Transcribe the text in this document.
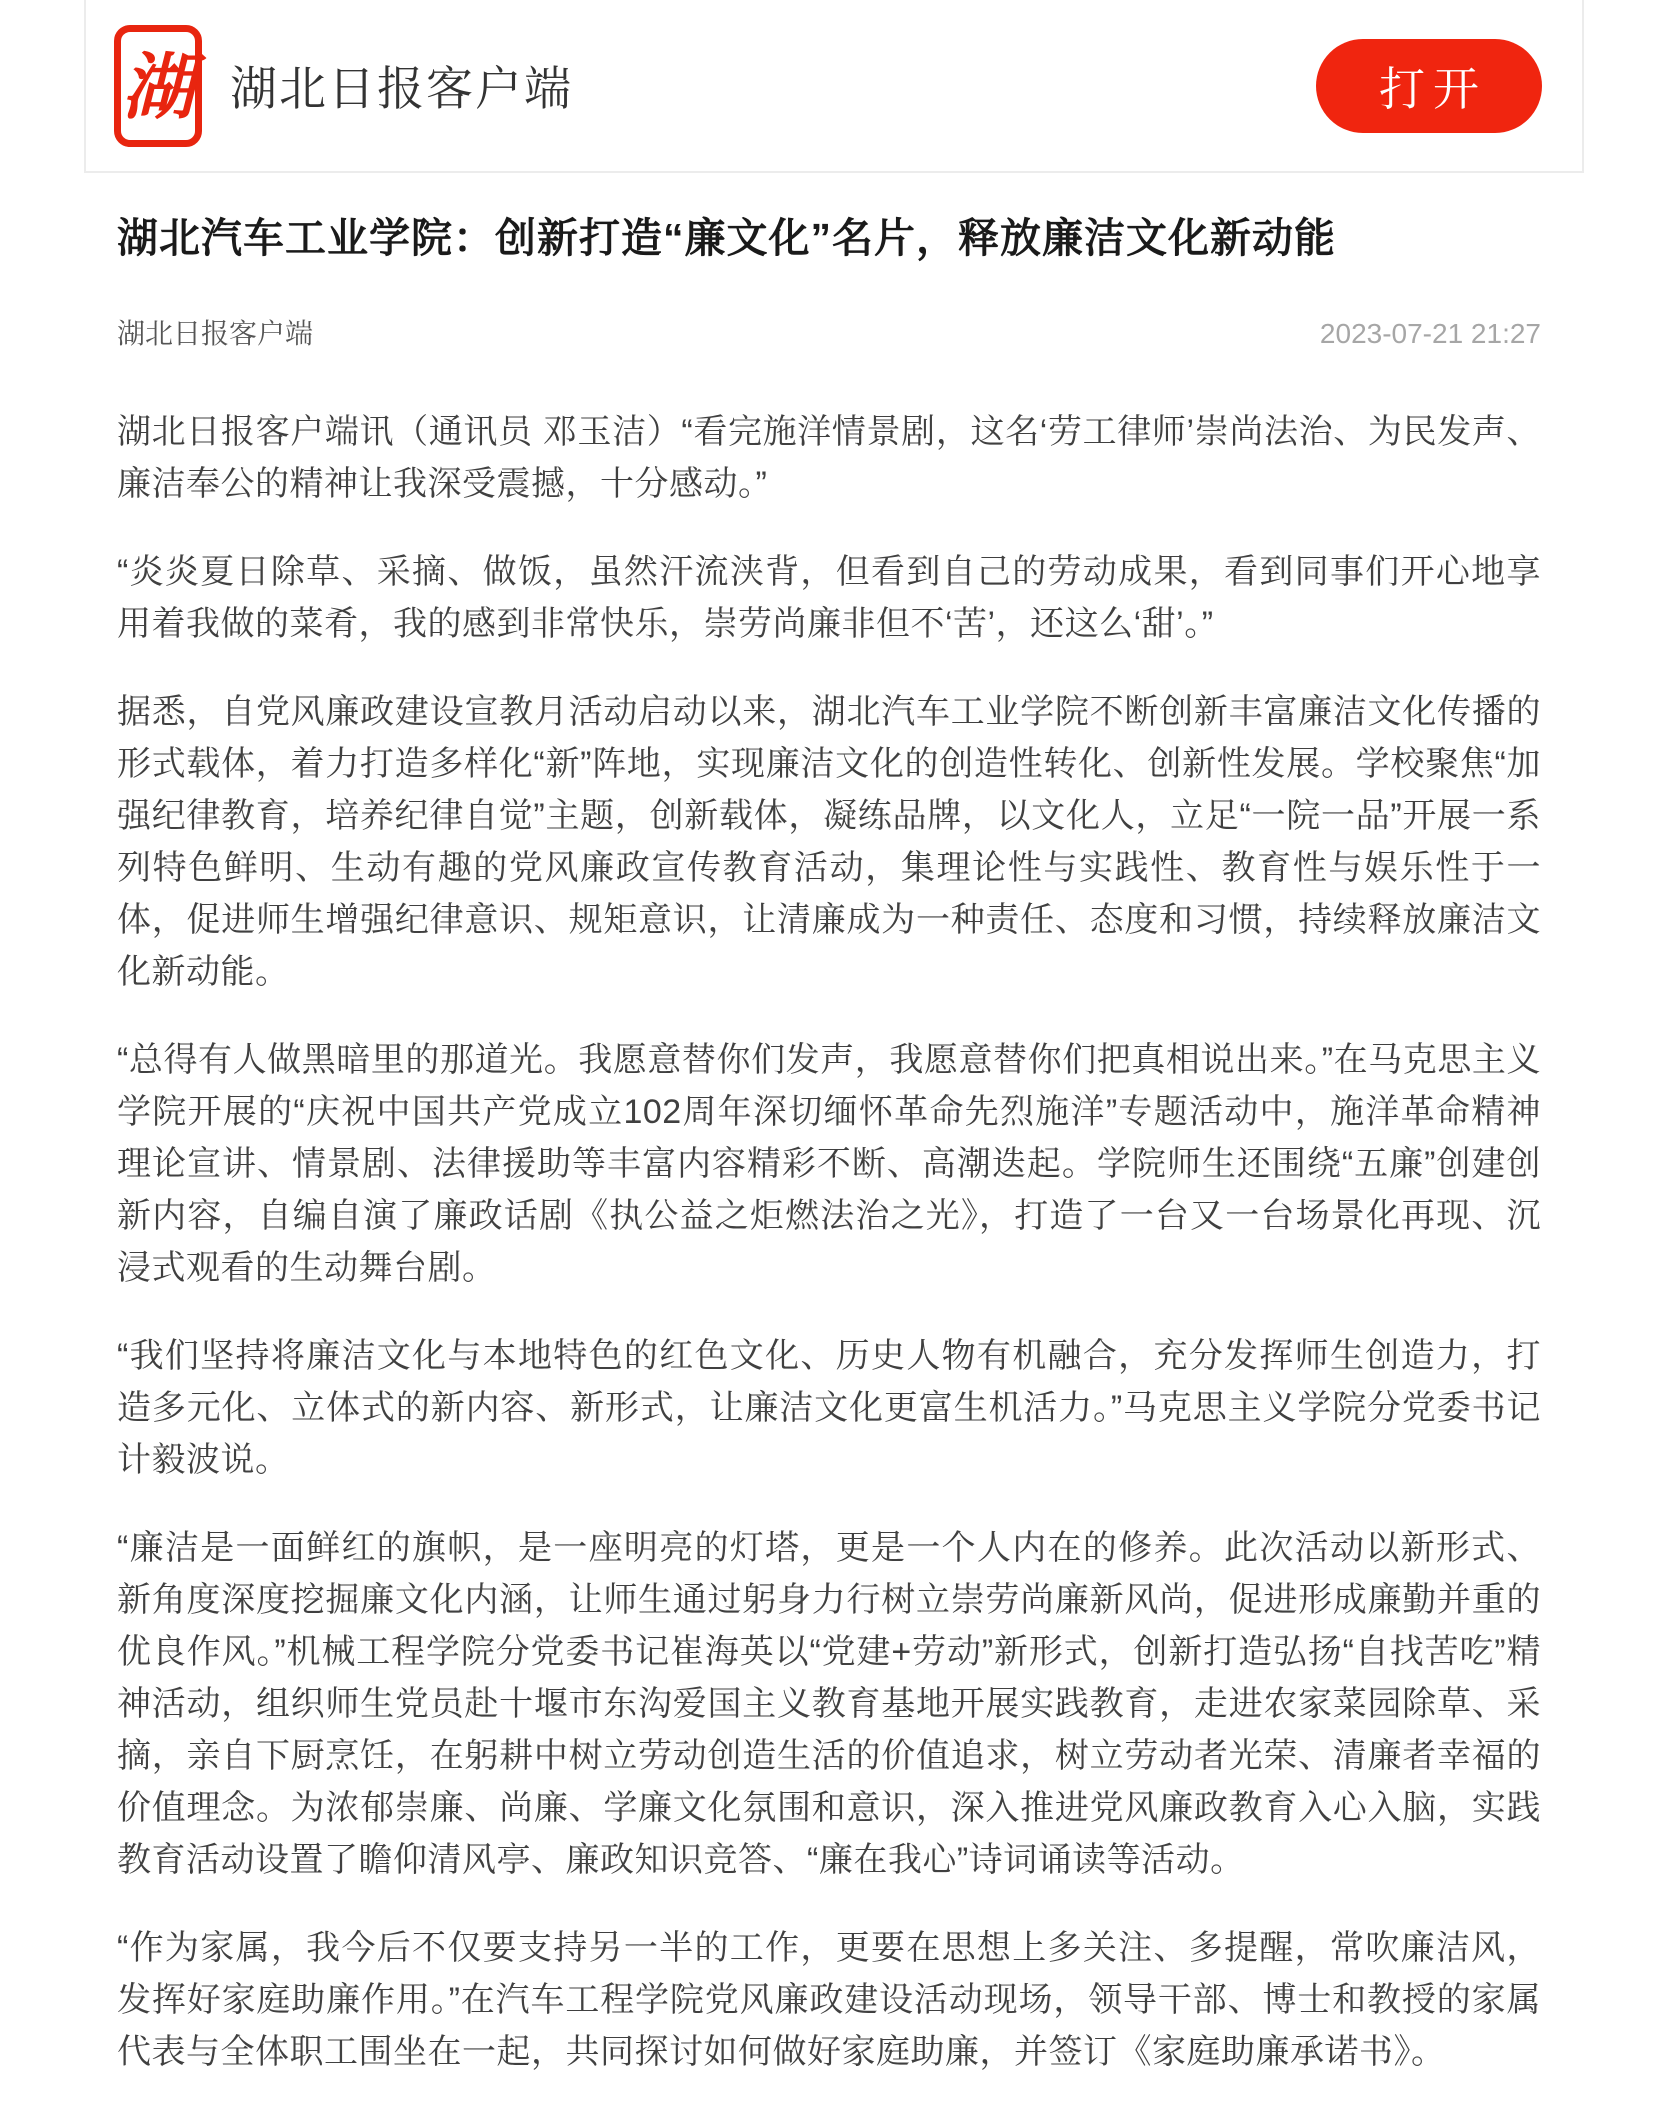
湖 湖北日报客户端	打开
湖北汽车工业学院：创新打造“廉文化”名片，释放廉洁文化新动能
湖北日报客户端	2023-07-21 21:27

湖北日报客户端讯（通讯员 邓玉洁）“看完施洋情景剧，这名‘劳工律师’崇尚法治、为民发声、廉洁奉公的精神让我深受震撼，十分感动。”

“炎炎夏日除草、采摘、做饭，虽然汗流浃背，但看到自己的劳动成果，看到同事们开心地享用着我做的菜肴，我的感到非常快乐，崇劳尚廉非但不‘苦’，还这么‘甜’。”

据悉，自党风廉政建设宣教月活动启动以来，湖北汽车工业学院不断创新丰富廉洁文化传播的形式载体，着力打造多样化“新”阵地，实现廉洁文化的创造性转化、创新性发展。学校聚焦“加强纪律教育，培养纪律自觉”主题，创新载体，凝练品牌，以文化人，立足“一院一品”开展一系列特色鲜明、生动有趣的党风廉政宣传教育活动，集理论性与实践性、教育性与娱乐性于一体，促进师生增强纪律意识、规矩意识，让清廉成为一种责任、态度和习惯，持续释放廉洁文化新动能。

“总得有人做黑暗里的那道光。我愿意替你们发声，我愿意替你们把真相说出来。”在马克思主义学院开展的“庆祝中国共产党成立102周年深切缅怀革命先烈施洋”专题活动中，施洋革命精神理论宣讲、情景剧、法律援助等丰富内容精彩不断、高潮迭起。学院师生还围绕“五廉”创建创新内容，自编自演了廉政话剧《执公益之炬燃法治之光》，打造了一台又一台场景化再现、沉浸式观看的生动舞台剧。

“我们坚持将廉洁文化与本地特色的红色文化、历史人物有机融合，充分发挥师生创造力，打造多元化、立体式的新内容、新形式，让廉洁文化更富生机活力。”马克思主义学院分党委书记计毅波说。

“廉洁是一面鲜红的旗帜，是一座明亮的灯塔，更是一个人内在的修养。此次活动以新形式、新角度深度挖掘廉文化内涵，让师生通过躬身力行树立崇劳尚廉新风尚，促进形成廉勤并重的优良作风。”机械工程学院分党委书记崔海英以“党建+劳动”新形式，创新打造弘扬“自找苦吃”精神活动，组织师生党员赴十堰市东沟爱国主义教育基地开展实践教育，走进农家菜园除草、采摘，亲自下厨烹饪，在躬耕中树立劳动创造生活的价值追求，树立劳动者光荣、清廉者幸福的价值理念。为浓郁崇廉、尚廉、学廉文化氛围和意识，深入推进党风廉政教育入心入脑，实践教育活动设置了瞻仰清风亭、廉政知识竞答、“廉在我心”诗词诵读等活动。

“作为家属，我今后不仅要支持另一半的工作，更要在思想上多关注、多提醒，常吹廉洁风，发挥好家庭助廉作用。”在汽车工程学院党风廉政建设活动现场，领导干部、博士和教授的家属代表与全体职工围坐在一起，共同探讨如何做好家庭助廉，并签订《家庭助廉承诺书》。
